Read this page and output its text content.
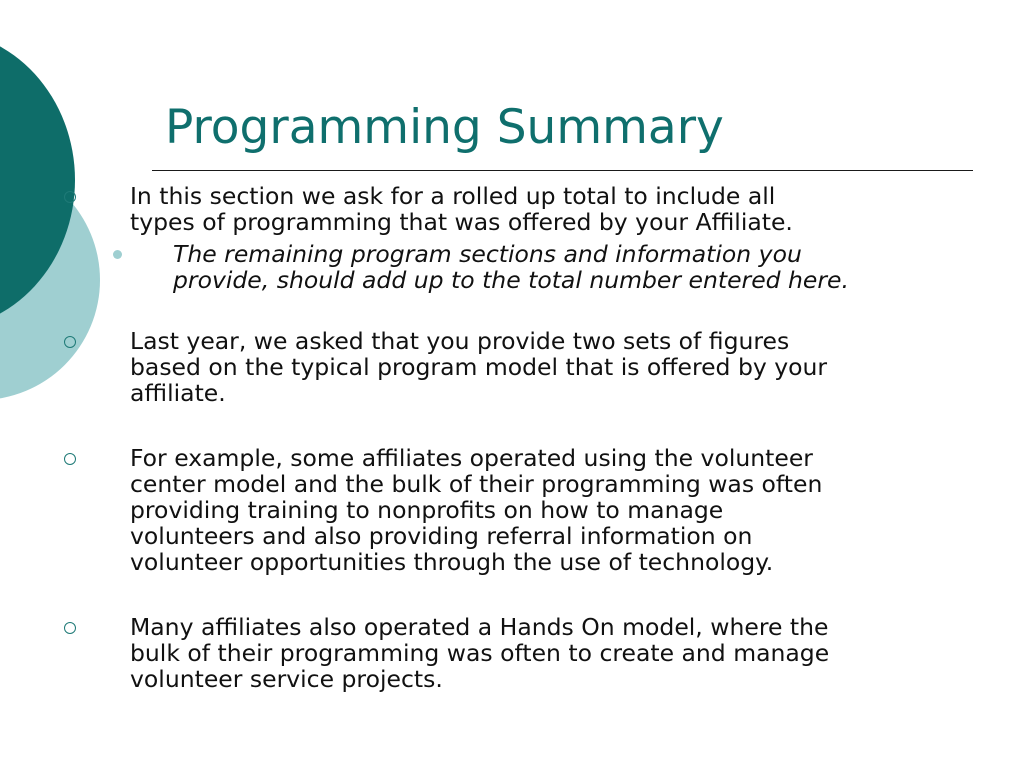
Programming Summary
In this section we ask for a rolled up total to include all
types of programming that was offered by your Affiliate.
The remaining program sections and information you
provide, should add up to the total number entered here.
Last year, we asked that you provide two sets of figures
based on the typical program model that is offered by your
affiliate.
For example, some affiliates operated using the volunteer
center model and the bulk of their programming was often
providing training to nonprofits on how to manage
volunteers and also providing referral information on
volunteer opportunities through the use of technology.
Many affiliates also operated a Hands On model, where the
bulk of their programming was often to create and manage
volunteer service projects.
